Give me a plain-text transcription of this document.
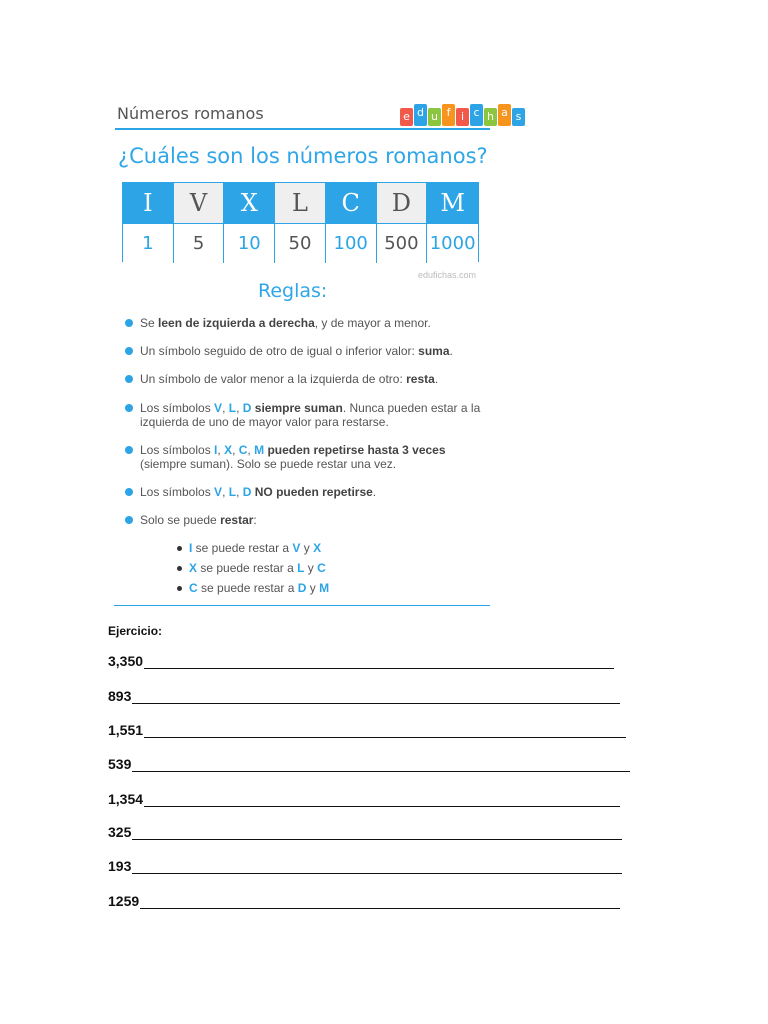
Números romanos	e d u f i c h a s
¿Cuáles son los números romanos?
I	V	X	L	C	D	M
1	5	10	50	100 500 1000
edufichas.com
Reglas:
Se leen de izquierda a derecha, y de mayor a menor.
Un símbolo seguido de otro de igual o inferior valor: suma.
Un símbolo de valor menor a la izquierda de otro: resta.
Los símbolos V, L, D siempre suman. Nunca pueden estar a la izquierda de uno de mayor valor para restarse.
Los símbolos I, X, C, M pueden repetirse hasta 3 veces (siempre suman). Solo se puede restar una vez.
Los símbolos V, L, D NO pueden repetirse.
Solo se puede restar:
I se puede restar a V y X
X se puede restar a L y C
C se puede restar a D y M
Ejercicio:
3,350
893
1,551
539
1,354
325
193
1259
